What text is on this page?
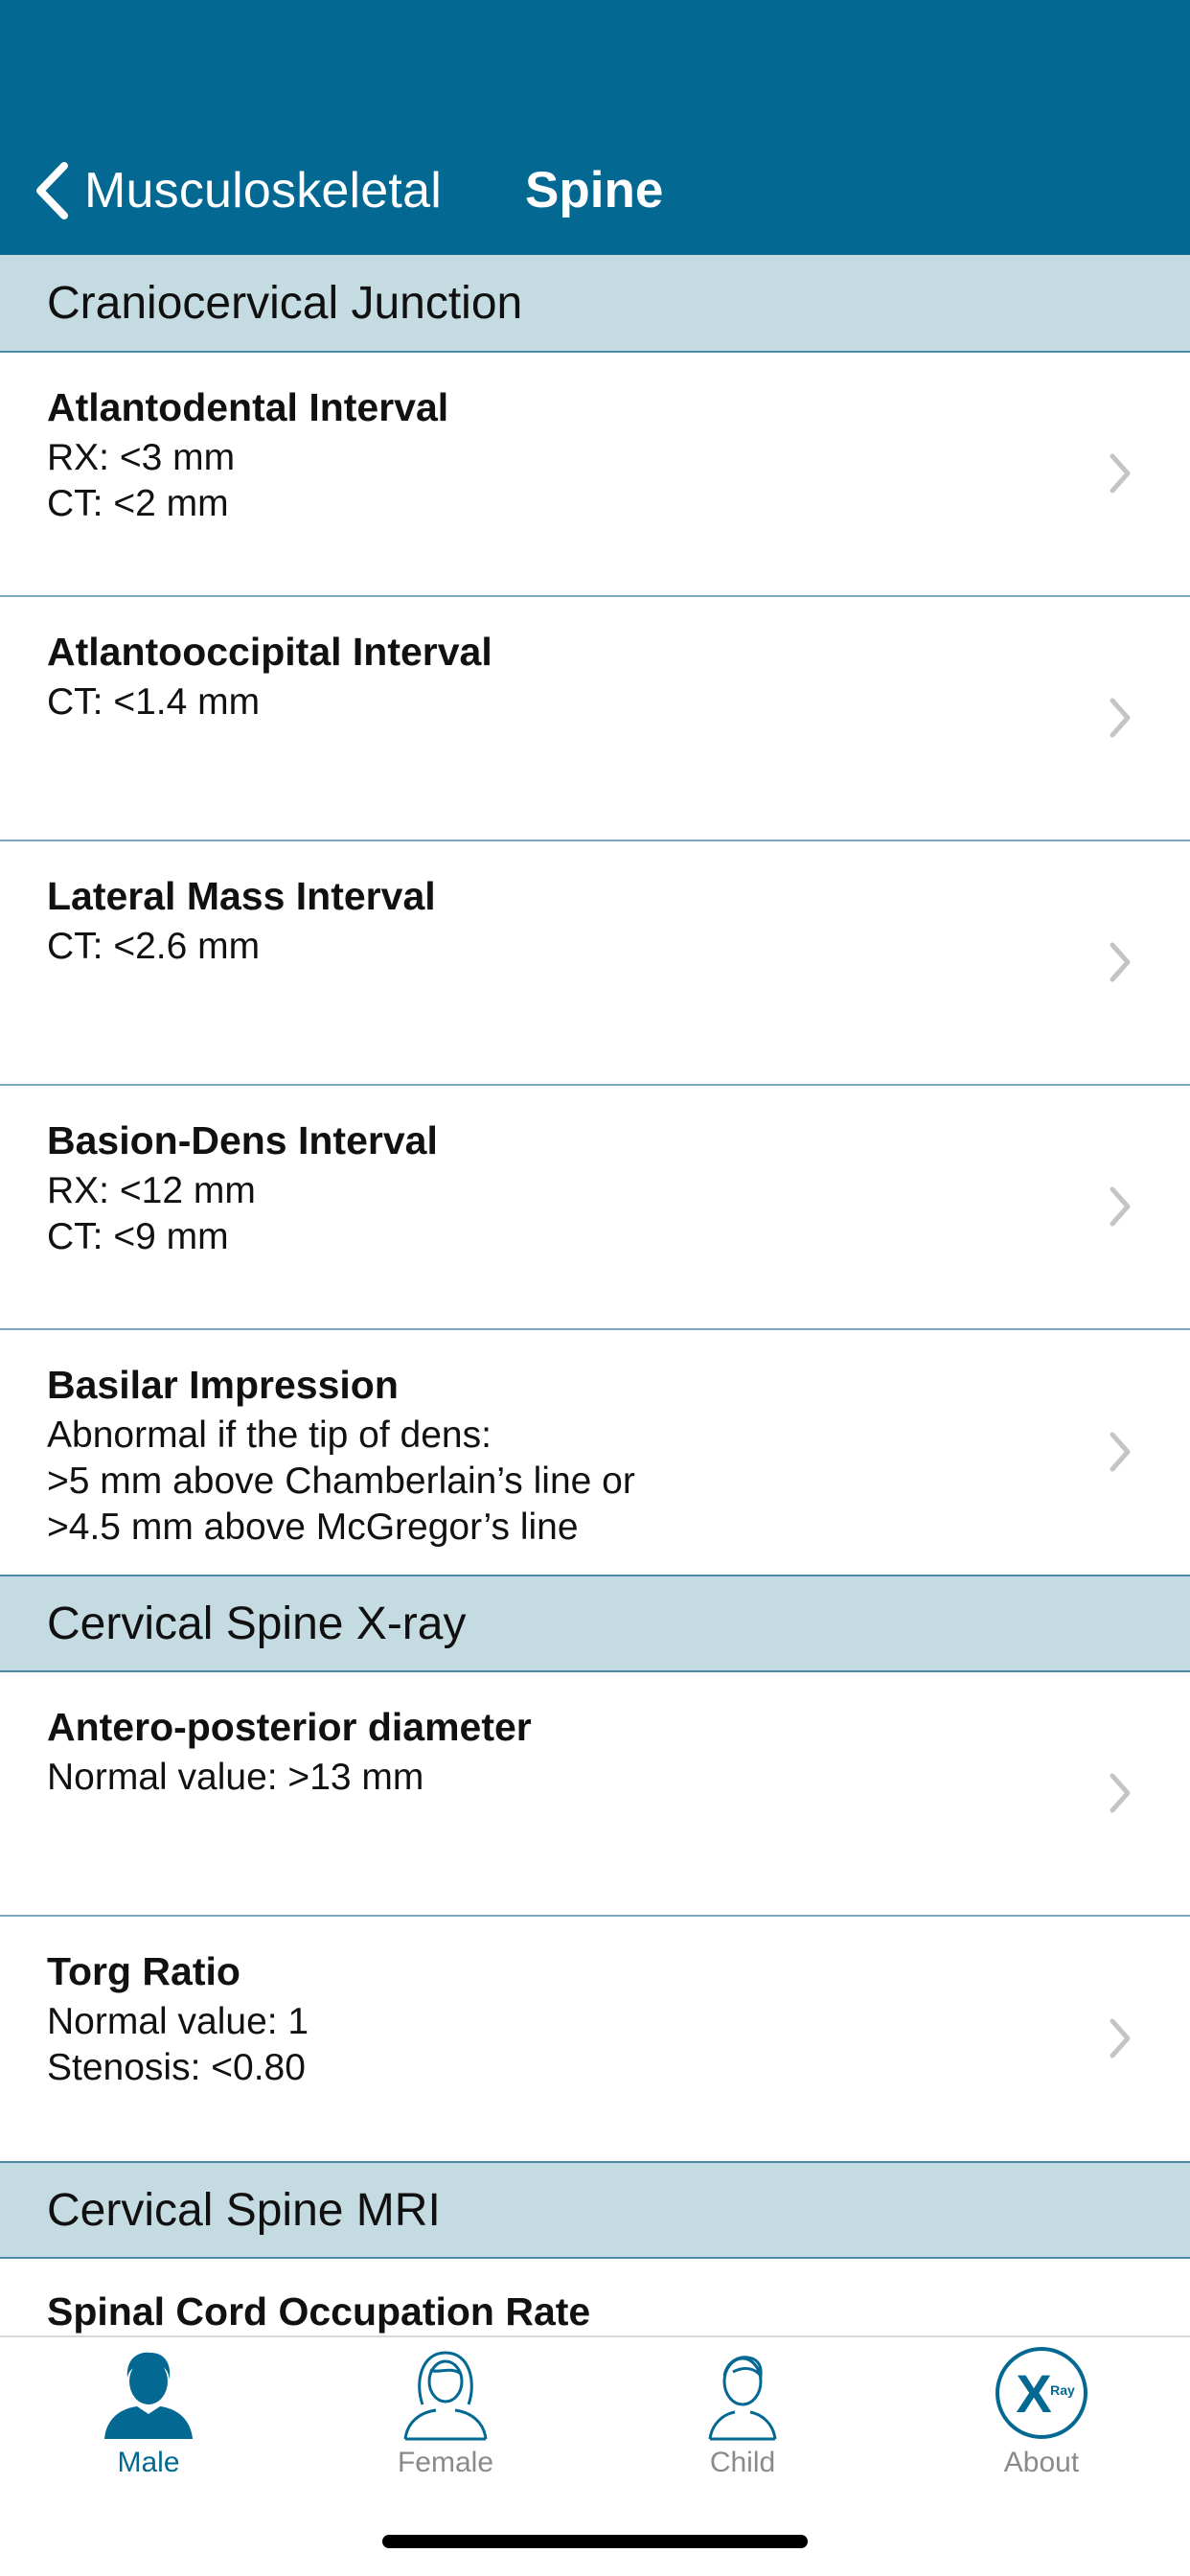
Musculoskeletal Spine
Craniocervical Junction
Atlantodental Interval
RX: <3 mm
CT: <2 mm
Atlantooccipital Interval
CT: <1.4 mm
Lateral Mass Interval
CT: <2.6 mm
Basion-Dens Interval
RX: <12 mm
CT: <9 mm
Basilar Impression
Abnormal if the tip of dens:
>5 mm above Chamberlain’s line or
>4.5 mm above McGregor’s line
Cervical Spine X-ray
Antero-posterior diameter
Normal value: >13 mm
Torg Ratio
Normal value: 1
Stenosis: <0.80
Cervical Spine MRI
Spinal Cord Occupation Rate
Male	Female	Child
X
Ray
About
